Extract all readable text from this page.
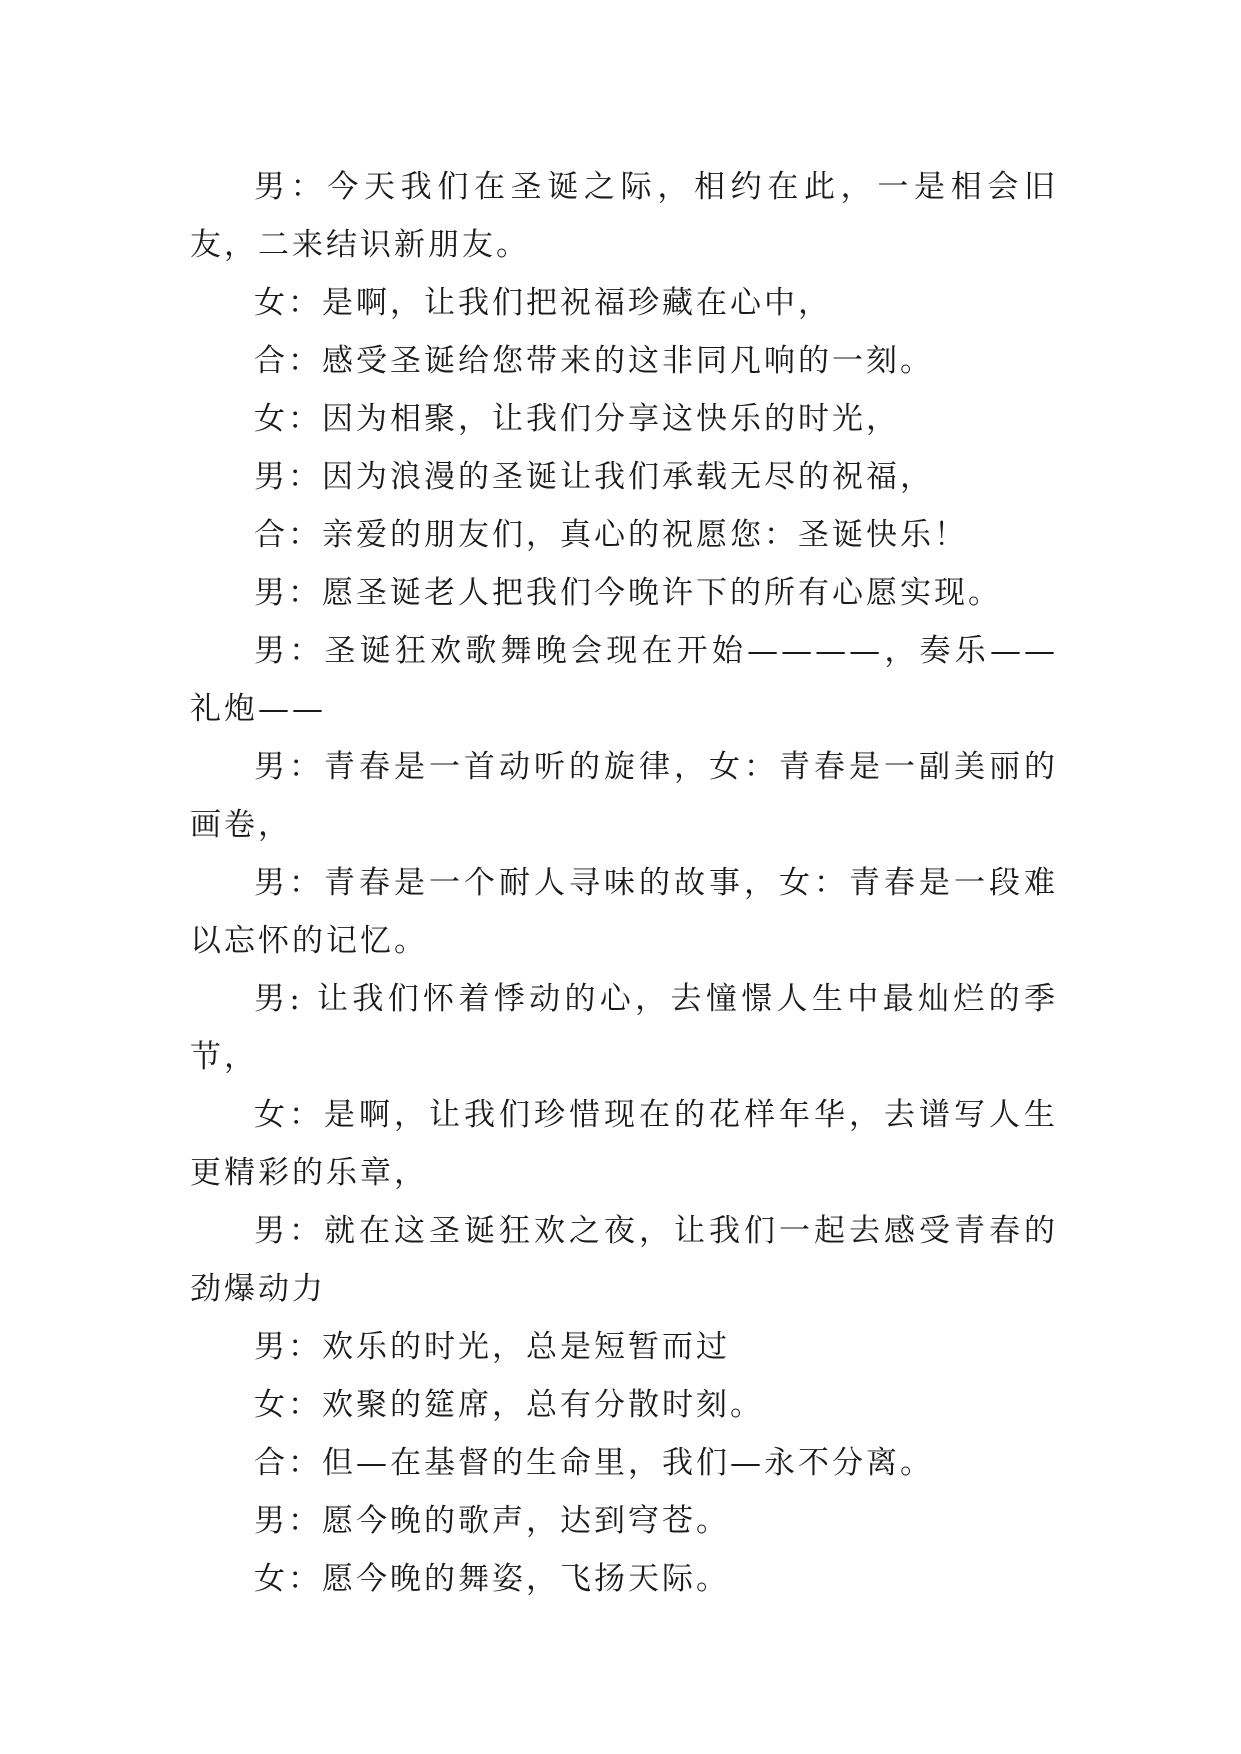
男：今天我们在圣诞之际，相约在此，一是相会旧友，二来结识新朋友。

女：是啊，让我们把祝福珍藏在心中，

合：感受圣诞给您带来的这非同凡响的一刻。

女：因为相聚，让我们分享这快乐的时光，

男：因为浪漫的圣诞让我们承载无尽的祝福，

合：亲爱的朋友们，真心的祝愿您：圣诞快乐！

男：愿圣诞老人把我们今晚许下的所有心愿实现。

男：圣诞狂欢歌舞晚会现在开始————，奏乐——礼炮——

男：青春是一首动听的旋律，女：青春是一副美丽的画卷，

男：青春是一个耐人寻味的故事，女：青春是一段难以忘怀的记忆。

男: 让我们怀着悸动的心，去憧憬人生中最灿烂的季节，

女：是啊，让我们珍惜现在的花样年华，去谱写人生更精彩的乐章，

男：就在这圣诞狂欢之夜，让我们一起去感受青春的劲爆动力

男：欢乐的时光，总是短暂而过

女：欢聚的筵席，总有分散时刻。

合：但—在基督的生命里，我们—永不分离。

男：愿今晚的歌声，达到穹苍。

女：愿今晚的舞姿，飞扬天际。
